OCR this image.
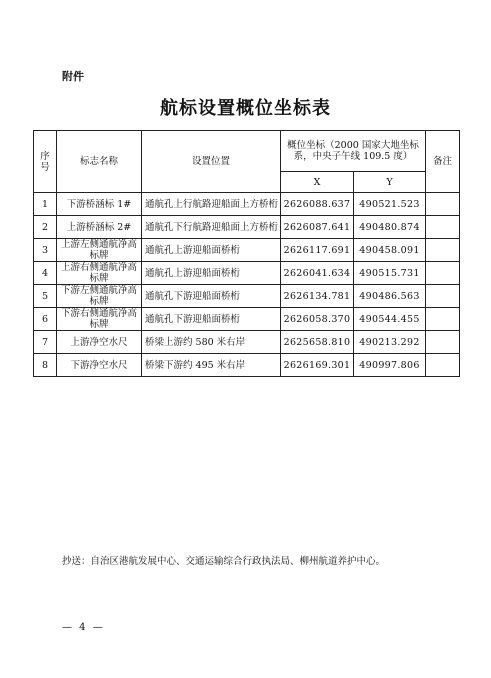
附件
航标设置概位坐标表
序号	标志名称	设置位置	概位坐标（2000 国家大地坐标系，中央子午线 109.5 度）		备注
			X	Y	
1	下游桥涵标 1#	通航孔上行航路迎船面上方桥桁	2626088.637	490521.523	
2	上游桥涵标 2#	通航孔下行航路迎船面上方桥桁	2626087.641	490480.874	
3	上游左侧通航净高标牌	通航孔上游迎船面桥桁	2626117.691	490458.091	
4	上游右侧通航净高标牌	通航孔上游迎船面桥桁	2626041.634	490515.731	
5	下游左侧通航净高标牌	通航孔下游迎船面桥桁	2626134.781	490486.563	
6	下游右侧通航净高标牌	通航孔下游迎船面桥桁	2626058.370	490544.455	
7	上游净空水尺	桥梁上游约 580 米右岸	2625658.810	490213.292	
8	下游净空水尺	桥梁下游约 495 米右岸	2626169.301	490997.806	
抄送：自治区港航发展中心、交通运输综合行政执法局、柳州航道养护中心。
— 4 —
